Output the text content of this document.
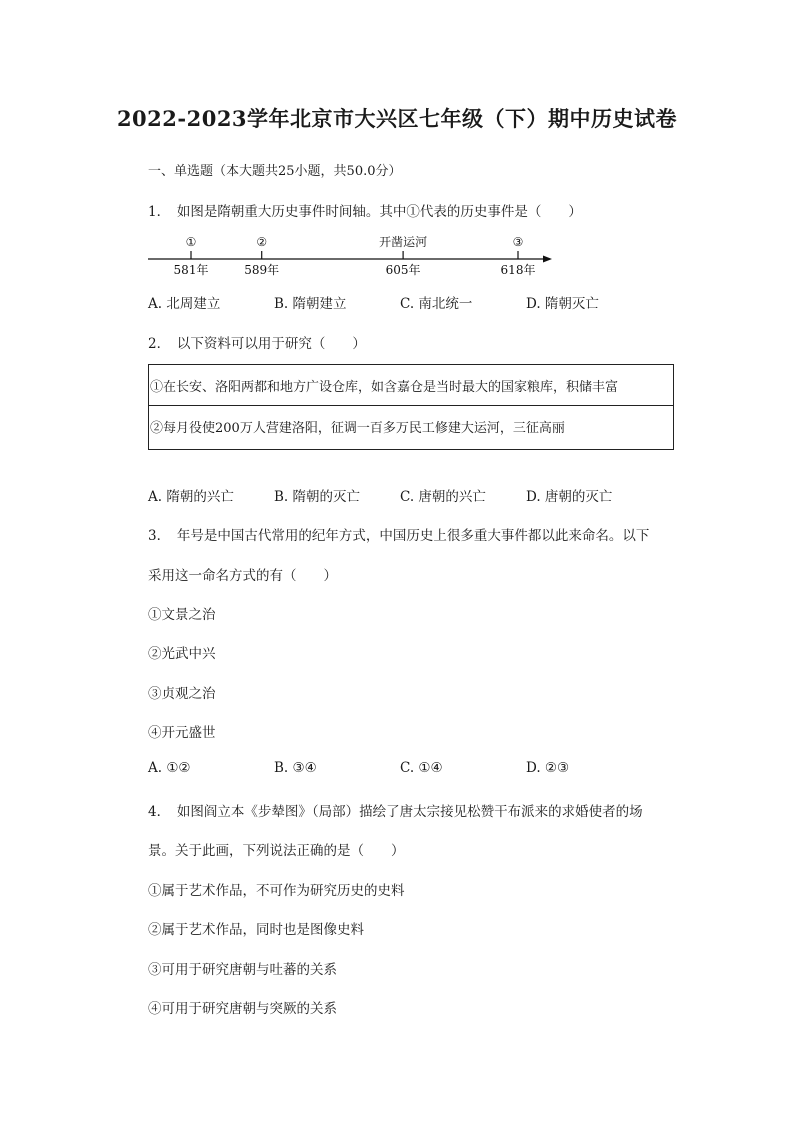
2022-2023学年北京市大兴区七年级（下）期中历史试卷
一、单选题（本大题共25小题，共50.0分）
1．　如图是隋朝重大历史事件时间轴。其中①代表的历史事件是（　　）
①
581年
②
589年
开凿运河
605年
③
618年
A. 北周建立	B. 隋朝建立	C. 南北统一	D. 隋朝灭亡
2．　以下资料可以用于研究（　　）
①在长安、洛阳两都和地方广设仓库，如含嘉仓是当时最大的国家粮库，积储丰富
②每月役使200万人营建洛阳，征调一百多万民工修建大运河，三征高丽
A. 隋朝的兴亡	B. 隋朝的灭亡	C. 唐朝的兴亡	D. 唐朝的灭亡
3．　年号是中国古代常用的纪年方式，中国历史上很多重大事件都以此来命名。以下
采用这一命名方式的有（　　）
①文景之治
②光武中兴
③贞观之治
④开元盛世
A. ①②	B. ③④	C. ①④	D. ②③
4．　如图阎立本《步辇图》（局部）描绘了唐太宗接见松赞干布派来的求婚使者的场
景。关于此画，下列说法正确的是（　　）
①属于艺术作品，不可作为研究历史的史料
②属于艺术作品，同时也是图像史料
③可用于研究唐朝与吐蕃的关系
④可用于研究唐朝与突厥的关系
